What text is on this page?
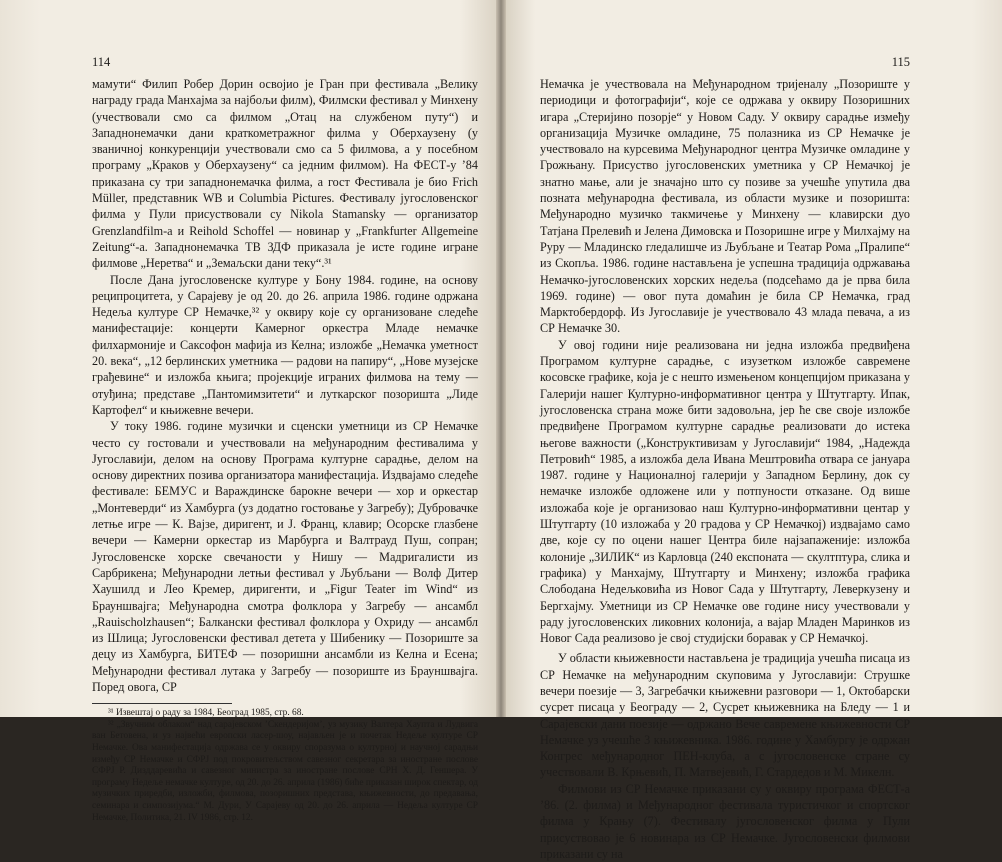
114

мамути“ Филип Робер Дорин освојио је Гран при фестивала „Велику награду града Манхајма за најбољи филм), Филмски фестивал у Минхену (учествовали смо са филмом „Отац на службеном путу“) и Западнонемачки дани краткометражног филма у Оберхаузену (у званичној конкуренцији учествовали смо са 5 филмова, а у посебном програму „Краков у Оберхаузену“ са једним филмом). На ФЕСТ-у ’84 приказана су три западнонемачка филма, а гост Фестивала је био Frich Müller, представник WB и Columbia Pictures. Фестивалу југословенског филма у Пули присуствовали су Nikola Stamansky — организатор Grenzlandfilm-a и Reihold Schoffel — новинар у „Frankfurter Allgemeine Zeitung“-а. Западнонемачка ТВ ЗДФ приказала је исте године игране филмове „Неретва“ и „Земаљски дани теку“.³¹

После Дана југословенске културе у Бону 1984. године, на основу реципроцитета, у Сарајеву је од 20. до 26. априла 1986. године одржана Недеља културе СР Немачке,³² у оквиру које су организоване следеће манифестације: концерти Камерног оркестра Младе немачке филхармоније и Саксофон мафија из Келна; изложбе „Немачка уметност 20. века“, „12 берлинских уметника — радови на папиру“, „Нове музејске грађевине“ и изложба књига; пројекције играних филмова на тему — отуђина; представе „Пантомимзитети“ и луткарског позоришта „Лиде Картофел“ и књижевне вечери.

У току 1986. године музички и сценски уметници из СР Немачке често су гостовали и учествовали на међународним фестивалима у Југославији, делом на основу Програма културне сарадње, делом на основу директних позива организатора манифестација. Издвајамо следеће фестивале: БЕМУС и Вараждинске барокне вечери — хор и оркестар „Монтеверди“ из Хамбурга (уз додатно гостовање у Загребу); Дубровачке летње игре — К. Вајзе, диригент, и Ј. Франц, клавир; Осорске глазбене вечери — Камерни оркестар из Марбурга и Валтрауд Пуш, сопран; Југословенске хорске свечаности у Нишу — Мадригалисти из Сарбрикена; Међународни летњи фестивал у Љубљани — Волф Дитер Хаушилд и Лео Кремер, диригенти, и „Figur Teater im Wind“ из Брауншвајга; Међународна смотра фолклора у Загребу — ансамбл „Rauischolzhausen“; Балкански фестивал фолклора у Охриду — ансамбл из Шлица; Југословенски фестивал детета у Шибенику — Позориште за децу из Хамбурга, БИТЕФ — позоришни ансамбли из Келна и Есена; Међународни фестивал лутака у Загребу — позориште из Брауншвајга. Поред овога, СР

³¹ Извештај о раду за 1984, Београд 1985, стр. 68.

³² „Звучним облаком“ над сарајевском ’Скендеријом’, уз музику Валтера Хаупта и Лудвига ван Бетовена, и уз највећи европски ласер-шоу, најављен је и почетак Недеље културе СР Немачке. Ова манифестација одржава се у оквиру споразума о културној и научној сарадњи између СР Немачке и СФРЈ под покровитељством савезног секретара за иностране послове СФРЈ Р. Дизддаревића и савезног министра за иностране послове СРН Х. Д. Геншера. У програму Недеље немачке културе, од 20. до 26. априла (1986) биће приказан широк спектар, од музичких приредби, изложби, филмова, позоришних представа, књижевности, до предавања, семинара и симпозијума.“ М. Дури, У Сарајеву од 20. до 26. априла — Недеља културе СР Немачке, Политика, 21. IV 1986, стр. 12.

115

Немачка је учествовала на Међународном тријеналу „Позориште у периодици и фотографији“, које се одржава у оквиру Позоришних игара „Стеријино позорје“ у Новом Саду. У оквиру сарадње између организација Музичке омладине, 75 полазника из СР Немачке је учествовало на курсевима Међународног центра Музичке омладине у Грожњану. Присуство југословенских уметника у СР Немачкој је знатно мање, али је значајно што су позиве за учешће упутила два позната међународна фестивала, из области музике и позоришта: Међународно музичко такмичење у Минхену — клавирски дуо Татјана Прелевић и Јелена Димовска и Позоришне игре у Милхајму на Руру — Младинско гледалишче из Љубљане и Театар Рома „Пралипе“ из Скопља. 1986. године настављена је успешна традиција одржавања Немачко-југословенских хорских недеља (подсећамо да је прва била 1969. године) — овог пута домаћин је била СР Немачка, град Марктобердорф. Из Југославије је учествовало 43 млада певача, а из СР Немачке 30.

У овој години није реализована ни једна изложба предвиђена Програмом културне сарадње, с изузетком изложбе савремене косовске графике, која је с нешто измењеном концепцијом приказана у Галерији нашег Културно-информативног центра у Штутгарту. Ипак, југословенска страна може бити задовољна, јер ће све своје изложбе предвиђене Програмом културне сарадње реализовати до истека његове важности („Конструктивизам у Југославији“ 1984, „Надежда Петровић“ 1985, а изложба дела Ивана Мештровића отвара се јануара 1987. године у Националној галерији у Западном Берлину, док су немачке изложбе одложене или у потпуности отказане. Од више изложаба које је организовао наш Културно-информативни центар у Штутгарту (10 изложаба у 20 градова у СР Немачкој) издвајамо само две, које су по оцени нашег Центра биле најзапаженије: изложба колоније „ЗИЛИК“ из Карловца (240 експоната — скултптура, слика и графика) у Манхајму, Штутгарту и Минхену; изложба графика Слободана Недељковића из Новог Сада у Штутгарту, Леверкузену и Бергхајму. Уметници из СР Немачке ове године нису учествовали у раду југословенских ликовних колонија, а вајар Младен Маринков из Новог Сада реализово је свој студијски боравак у СР Немачкој.

У области књижевности настављена је традиција учешћа писаца из СР Немачке на међународним скуповима у Југославији: Струшке вечери поезије — 3, Загребачки књижевни разговори — 1, Октобарски сусрет писаца у Београду — 2, Сусрет књижевника на Бледу — 1 и Сарајевски дани поезије — одржано Вече савремене књижевности СР Немачке уз учешће 3 књижевника. 1986. године у Хамбургу је одржан Конгрес међународног ПЕН-клуба, а с југословенске стране су учествовали В. Крњевић, П. Матвејевић, Г. Стардедов и М. Микелн.

Филмови из СР Немачке приказани су у оквиру програма ФЕСТ-а ’86. (2. филма) и Међународног фестивала туристичког и спортског филма у Крању (7). Фестивалу југословенског филма у Пули присуствовао је 6 новинара из СР Немачке. Југословенски филмови приказани су на
